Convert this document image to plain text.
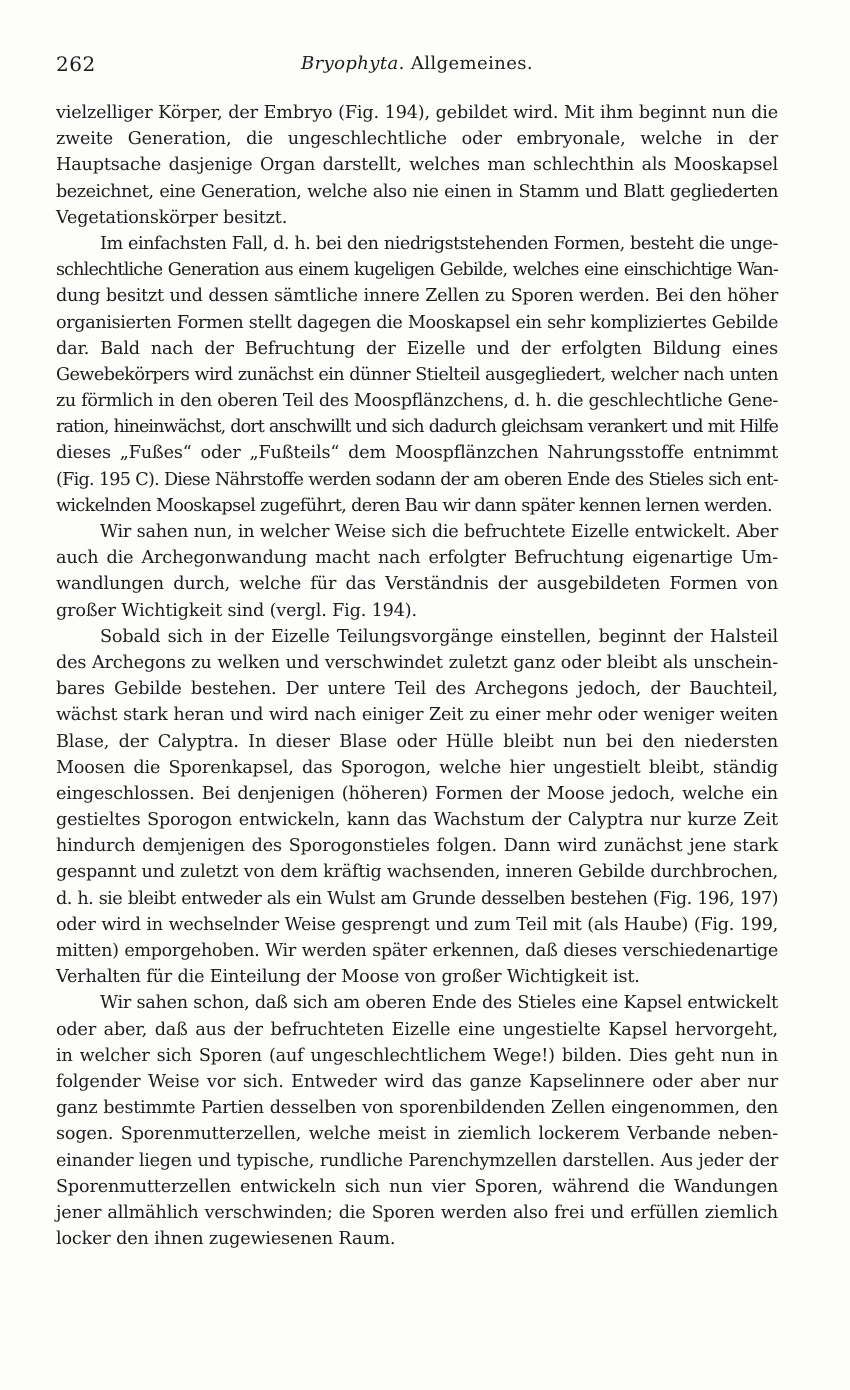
262	Bryophyta. Allgemeines.
vielzelliger Körper, der Embryo (Fig. 194), gebildet wird. Mit ihm beginnt nun die
zweite Generation, die ungeschlechtliche oder embryonale, welche in der
Hauptsache dasjenige Organ darstellt, welches man schlechthin als Mooskapsel
bezeichnet, eine Generation, welche also nie einen in Stamm und Blatt gegliederten
Vegetationskörper besitzt.
Im einfachsten Fall, d. h. bei den niedrigststehenden Formen, besteht die unge-
schlechtliche Generation aus einem kugeligen Gebilde, welches eine einschichtige Wan-
dung besitzt und dessen sämtliche innere Zellen zu Sporen werden. Bei den höher
organisierten Formen stellt dagegen die Mooskapsel ein sehr kompliziertes Gebilde
dar. Bald nach der Befruchtung der Eizelle und der erfolgten Bildung eines
Gewebekörpers wird zunächst ein dünner Stielteil ausgegliedert, welcher nach unten
zu förmlich in den oberen Teil des Moospflänzchens, d. h. die geschlechtliche Gene-
ration, hineinwächst, dort anschwillt und sich dadurch gleichsam verankert und mit Hilfe
dieses „Fußes“ oder „Fußteils“ dem Moospflänzchen Nahrungsstoffe entnimmt
(Fig. 195 C). Diese Nährstoffe werden sodann der am oberen Ende des Stieles sich ent-
wickelnden Mooskapsel zugeführt, deren Bau wir dann später kennen lernen werden.
Wir sahen nun, in welcher Weise sich die befruchtete Eizelle entwickelt. Aber
auch die Archegonwandung macht nach erfolgter Befruchtung eigenartige Um-
wandlungen durch, welche für das Verständnis der ausgebildeten Formen von
großer Wichtigkeit sind (vergl. Fig. 194).
Sobald sich in der Eizelle Teilungsvorgänge einstellen, beginnt der Halsteil
des Archegons zu welken und verschwindet zuletzt ganz oder bleibt als unschein-
bares Gebilde bestehen. Der untere Teil des Archegons jedoch, der Bauchteil,
wächst stark heran und wird nach einiger Zeit zu einer mehr oder weniger weiten
Blase, der Calyptra. In dieser Blase oder Hülle bleibt nun bei den niedersten
Moosen die Sporenkapsel, das Sporogon, welche hier ungestielt bleibt, ständig
eingeschlossen. Bei denjenigen (höheren) Formen der Moose jedoch, welche ein
gestieltes Sporogon entwickeln, kann das Wachstum der Calyptra nur kurze Zeit
hindurch demjenigen des Sporogonstieles folgen. Dann wird zunächst jene stark
gespannt und zuletzt von dem kräftig wachsenden, inneren Gebilde durchbrochen,
d. h. sie bleibt entweder als ein Wulst am Grunde desselben bestehen (Fig. 196, 197)
oder wird in wechselnder Weise gesprengt und zum Teil mit (als Haube) (Fig. 199,
mitten) emporgehoben. Wir werden später erkennen, daß dieses verschiedenartige
Verhalten für die Einteilung der Moose von großer Wichtigkeit ist.
Wir sahen schon, daß sich am oberen Ende des Stieles eine Kapsel entwickelt
oder aber, daß aus der befruchteten Eizelle eine ungestielte Kapsel hervorgeht,
in welcher sich Sporen (auf ungeschlechtlichem Wege!) bilden. Dies geht nun in
folgender Weise vor sich. Entweder wird das ganze Kapselinnere oder aber nur
ganz bestimmte Partien desselben von sporenbildenden Zellen eingenommen, den
sogen. Sporenmutterzellen, welche meist in ziemlich lockerem Verbande neben-
einander liegen und typische, rundliche Parenchymzellen darstellen. Aus jeder der
Sporenmutterzellen entwickeln sich nun vier Sporen, während die Wandungen
jener allmählich verschwinden; die Sporen werden also frei und erfüllen ziemlich
locker den ihnen zugewiesenen Raum.
